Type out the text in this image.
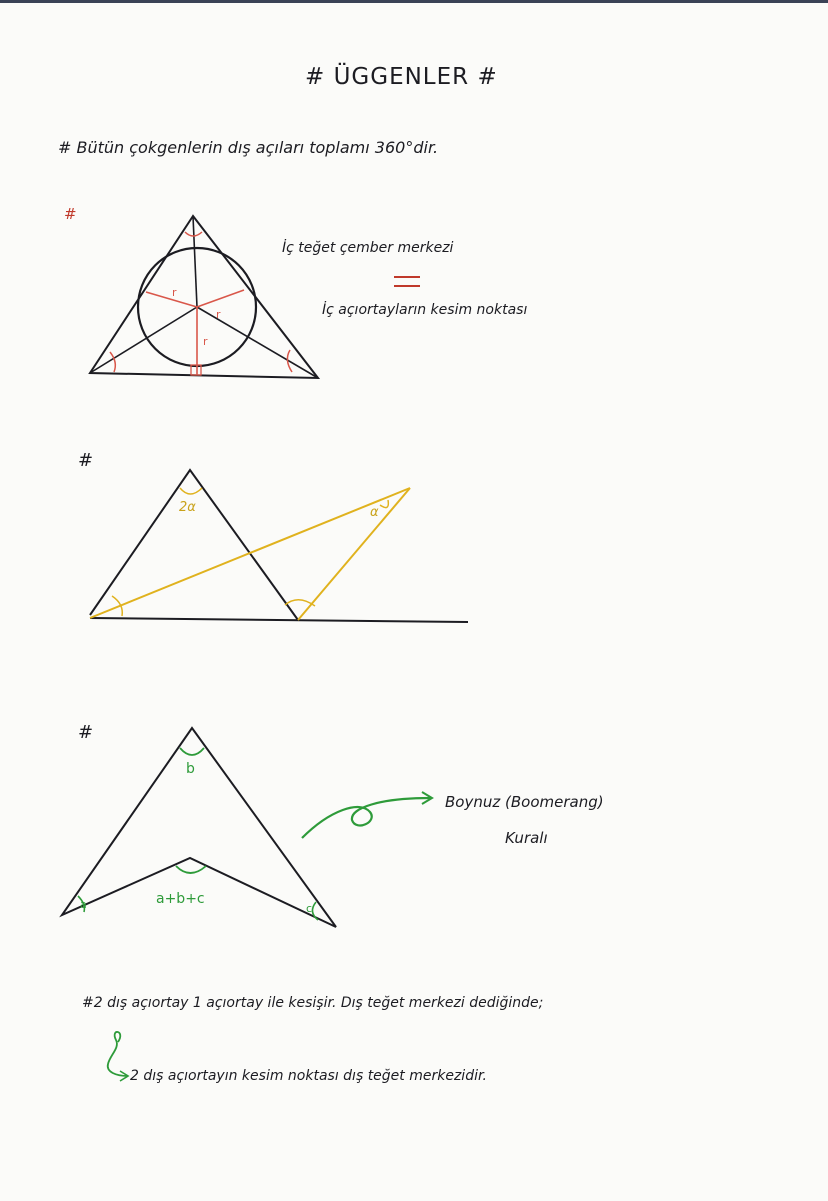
# ÜGGENLER #
# Bütün çokgenlerin dış açıları toplamı 360°dir.
#
#
#
İç teğet çember merkezi
İç açıortayların kesim noktası
Boynuz (Boomerang)
Kuralı
#2 dış açıortay 1 açıortay ile kesişir. Dış teğet merkezi dediğinde;
2 dış açıortayın kesim noktası dış teğet merkezidir.
r
r
r
2α	α
b
a+b+c
a	c
